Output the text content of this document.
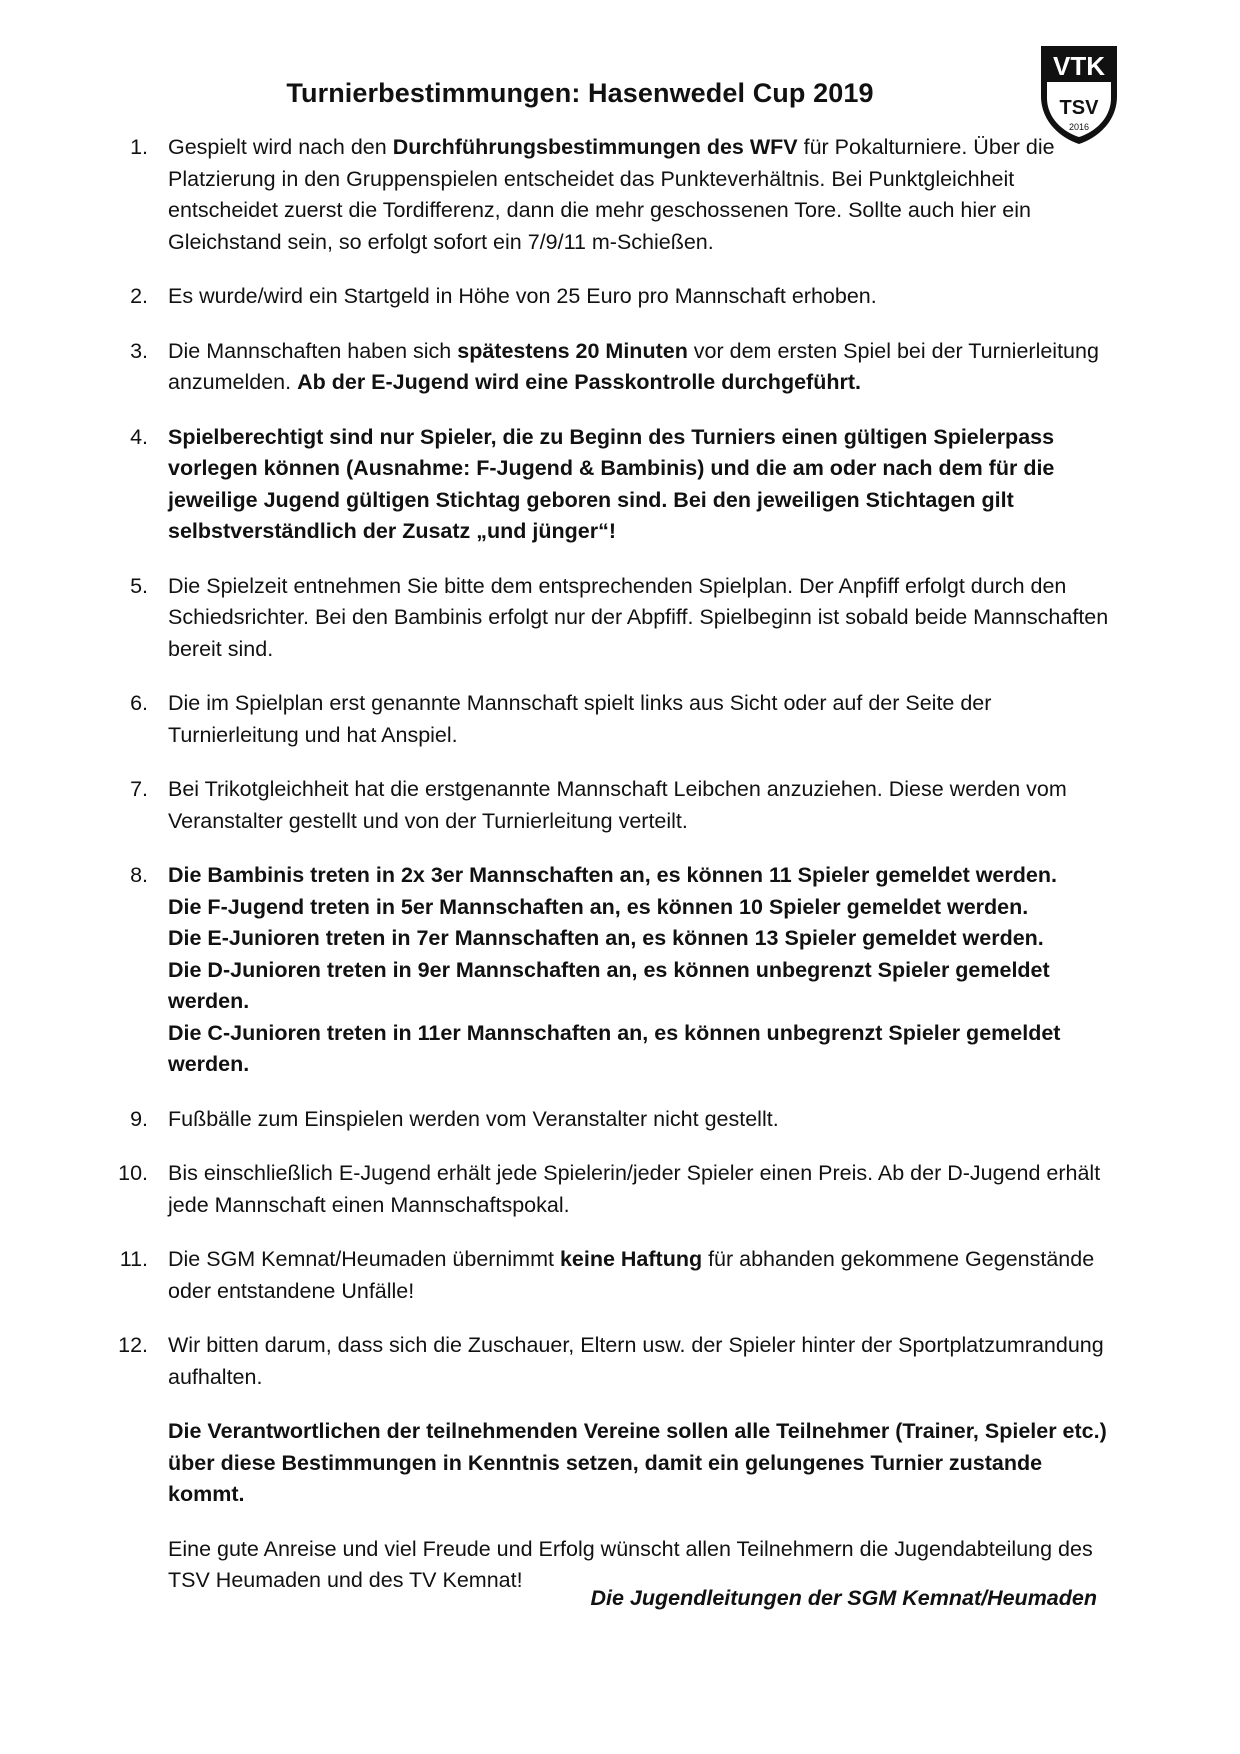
Turnierbestimmungen: Hasenwedel Cup 2019
VTK
TSV
2016
1. Gespielt wird nach den Durchführungsbestimmungen des WFV für Pokalturniere. Über die Platzierung in den Gruppenspielen entscheidet das Punkteverhältnis. Bei Punktgleichheit entscheidet zuerst die Tordifferenz, dann die mehr geschossenen Tore. Sollte auch hier ein Gleichstand sein, so erfolgt sofort ein 7/9/11 m-Schießen.
2. Es wurde/wird ein Startgeld in Höhe von 25 Euro pro Mannschaft erhoben.
3. Die Mannschaften haben sich spätestens 20 Minuten vor dem ersten Spiel bei der Turnierleitung anzumelden. Ab der E-Jugend wird eine Passkontrolle durchgeführt.
4. Spielberechtigt sind nur Spieler, die zu Beginn des Turniers einen gültigen Spielerpass vorlegen können (Ausnahme: F-Jugend & Bambinis) und die am oder nach dem für die jeweilige Jugend gültigen Stichtag geboren sind. Bei den jeweiligen Stichtagen gilt selbstverständlich der Zusatz „und jünger“!
5. Die Spielzeit entnehmen Sie bitte dem entsprechenden Spielplan. Der Anpfiff erfolgt durch den Schiedsrichter. Bei den Bambinis erfolgt nur der Abpfiff. Spielbeginn ist sobald beide Mannschaften bereit sind.
6. Die im Spielplan erst genannte Mannschaft spielt links aus Sicht oder auf der Seite der Turnierleitung und hat Anspiel.
7. Bei Trikotgleichheit hat die erstgenannte Mannschaft Leibchen anzuziehen. Diese werden vom Veranstalter gestellt und von der Turnierleitung verteilt.
8. Die Bambinis treten in 2x 3er Mannschaften an, es können 11 Spieler gemeldet werden.
Die F-Jugend treten in 5er Mannschaften an, es können 10 Spieler gemeldet werden.
Die E-Junioren treten in 7er Mannschaften an, es können 13 Spieler gemeldet werden.
Die D-Junioren treten in 9er Mannschaften an, es können unbegrenzt Spieler gemeldet werden.
Die C-Junioren treten in 11er Mannschaften an, es können unbegrenzt Spieler gemeldet werden.
9. Fußbälle zum Einspielen werden vom Veranstalter nicht gestellt.
10. Bis einschließlich E-Jugend erhält jede Spielerin/jeder Spieler einen Preis. Ab der D-Jugend erhält jede Mannschaft einen Mannschaftspokal.
11. Die SGM Kemnat/Heumaden übernimmt keine Haftung für abhanden gekommene Gegenstände oder entstandene Unfälle!
12. Wir bitten darum, dass sich die Zuschauer, Eltern usw. der Spieler hinter der Sportplatzumrandung aufhalten.
Die Verantwortlichen der teilnehmenden Vereine sollen alle Teilnehmer (Trainer, Spieler etc.) über diese Bestimmungen in Kenntnis setzen, damit ein gelungenes Turnier zustande kommt.
Eine gute Anreise und viel Freude und Erfolg wünscht allen Teilnehmern die Jugendabteilung des TSV Heumaden und des TV Kemnat!
Die Jugendleitungen der SGM Kemnat/Heumaden
